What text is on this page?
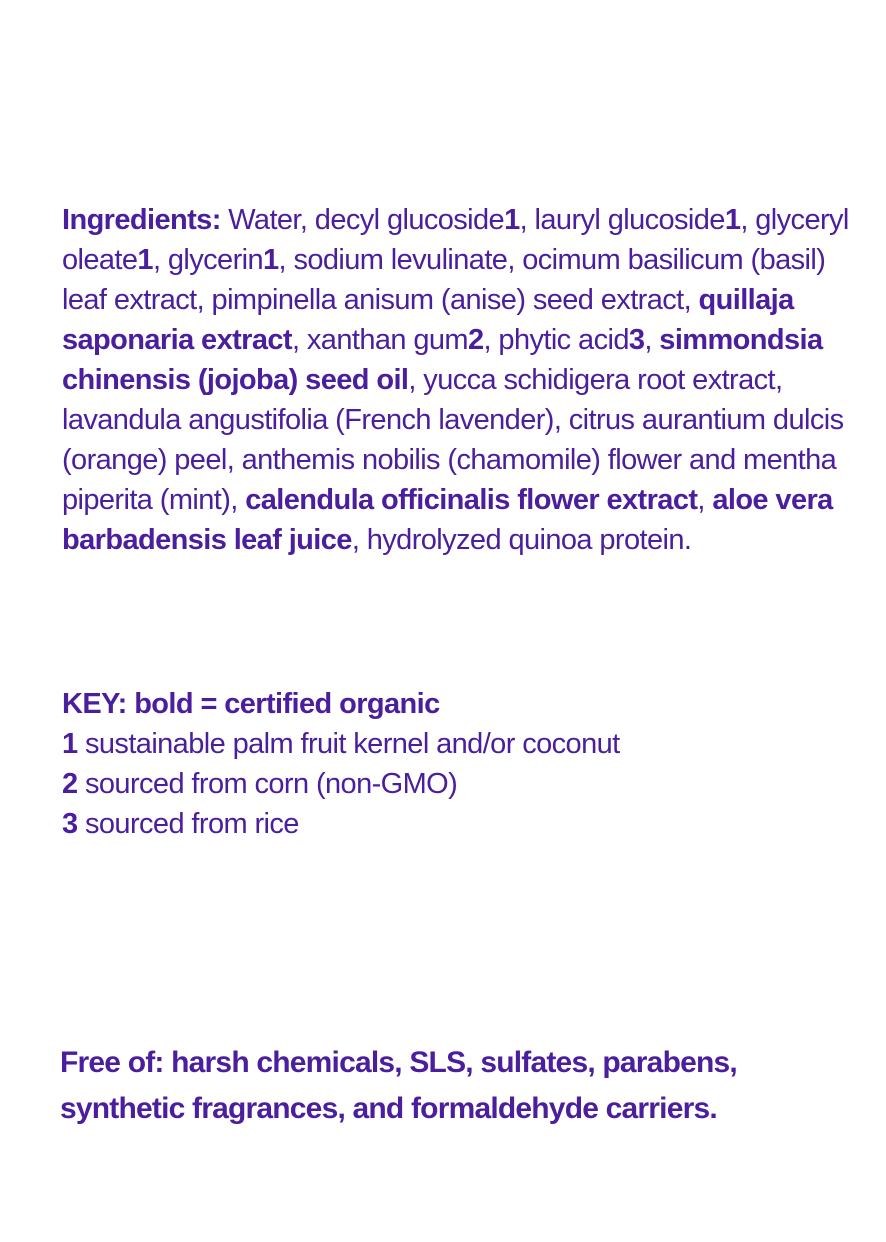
Ingredients: Water, decyl glucoside1, lauryl glucoside1, glyceryl oleate1, glycerin1, sodium levulinate, ocimum basilicum (basil) leaf extract, pimpinella anisum (anise) seed extract, quillaja saponaria extract, xanthan gum2, phytic acid3, simmondsia chinensis (jojoba) seed oil, yucca schidigera root extract, lavandula angustifolia (French lavender), citrus aurantium dulcis (orange) peel, anthemis nobilis (chamomile) flower and mentha piperita (mint), calendula officinalis flower extract, aloe vera barbadensis leaf juice, hydrolyzed quinoa protein.
KEY: bold = certified organic
1 sustainable palm fruit kernel and/or coconut
2 sourced from corn (non-GMO)
3 sourced from rice
Free of: harsh chemicals, SLS, sulfates, parabens,
synthetic fragrances, and formaldehyde carriers.
